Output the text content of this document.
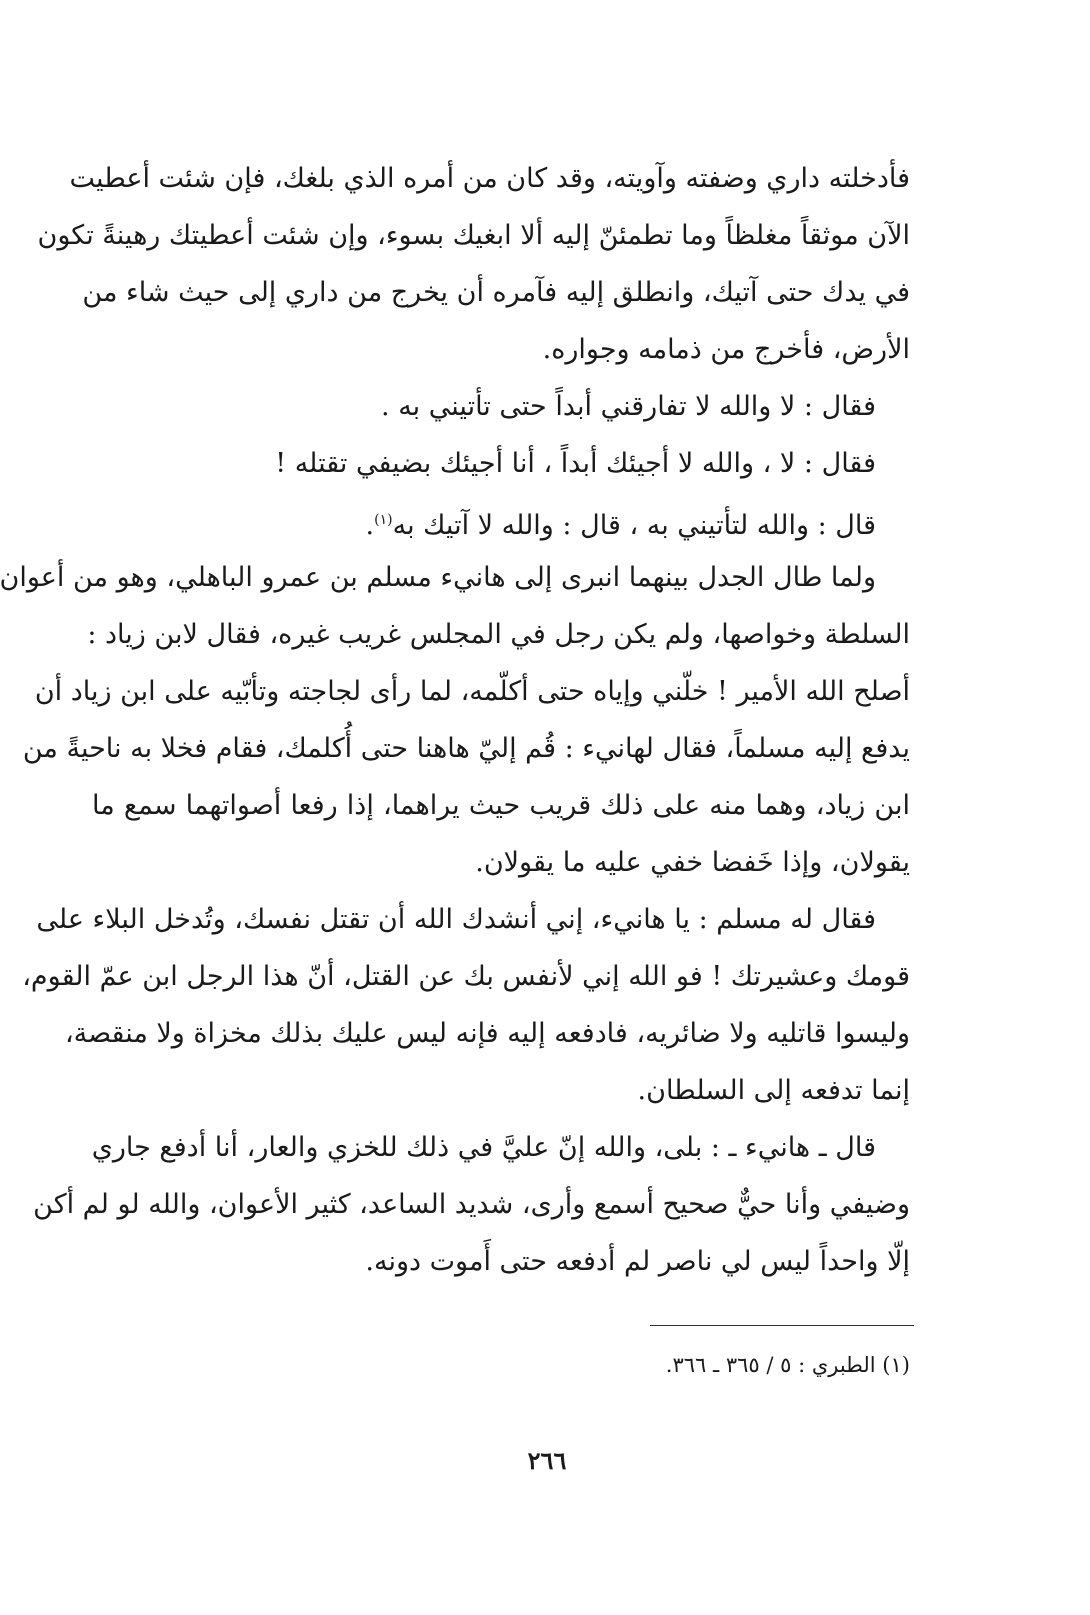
فأدخلته داري وضفته وآويته، وقد كان من أمره الذي بلغك، فإن شئت أعطيت
الآن موثقاً مغلظاً وما تطمئنّ إليه ألا ابغيك بسوء، وإن شئت أعطيتك رهينةً تكون
في يدك حتى آتيك، وانطلق إليه فآمره أن يخرج من داري إلى حيث شاء من
الأرض، فأخرج من ذمامه وجواره.
فقال : لا والله لا تفارقني أبداً حتى تأتيني به .
فقال : لا ، والله لا أجيئك أبداً ، أنا أجيئك بضيفي تقتله !
قال : والله لتأتيني به ، قال : والله لا آتيك به$^{(١)}$.
ولما طال الجدل بينهما انبرى إلى هانيء مسلم بن عمرو الباهلي، وهو من أعوان
السلطة وخواصها، ولم يكن رجل في المجلس غريب غيره، فقال لابن زياد :
أصلح الله الأمير ! خلّني وإياه حتى أكلّمه، لما رأى لجاجته وتأبّيه على ابن زياد أن
يدفع إليه مسلماً، فقال لهانيء : قُم إليّ هاهنا حتى أُكلمك، فقام فخلا به ناحيةً من
ابن زياد، وهما منه على ذلك قريب حيث يراهما، إذا رفعا أصواتهما سمع ما
يقولان، وإذا خَفضا خفي عليه ما يقولان.
فقال له مسلم : يا هانيء، إني أنشدك الله أن تقتل نفسك، وتُدخل البلاء على
قومك وعشيرتك ! فو الله إني لأنفس بك عن القتل، أنّ هذا الرجل ابن عمّ القوم،
وليسوا قاتليه ولا ضائريه، فادفعه إليه فإنه ليس عليك بذلك مخزاة ولا منقصة،
إنما تدفعه إلى السلطان.
قال ـ هانيء ـ : بلى، والله إنّ عليَّ في ذلك للخزي والعار، أنا أدفع جاري
وضيفي وأنا حيٌّ صحيح أسمع وأرى، شديد الساعد، كثير الأعوان، والله لو لم أكن
إلّا واحداً ليس لي ناصر لم أدفعه حتى أَموت دونه.
(١) الطبري : ٥ / ٣٦٥ ـ ٣٦٦.
٢٦٦
